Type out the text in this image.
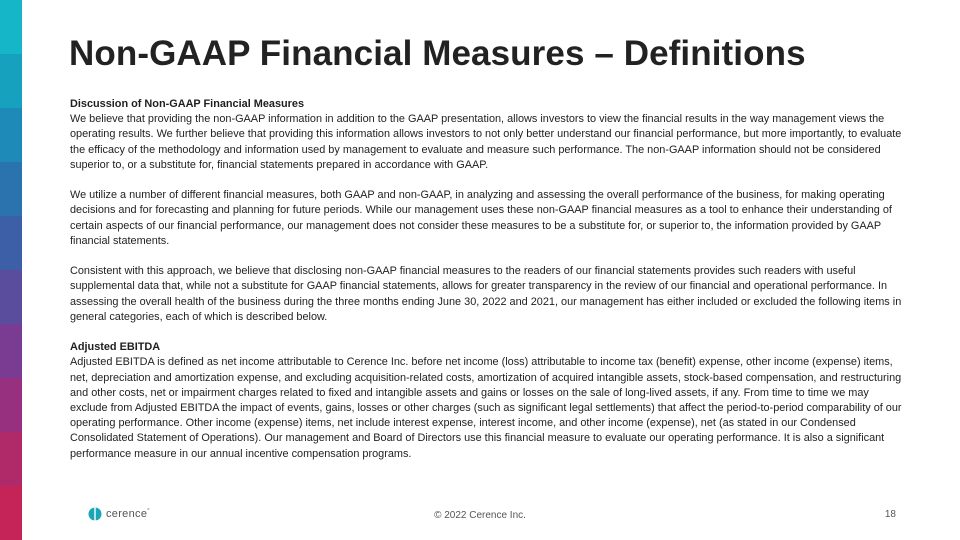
Non-GAAP Financial Measures – Definitions

Discussion of Non-GAAP Financial Measures
We believe that providing the non-GAAP information in addition to the GAAP presentation, allows investors to view the financial results in the way management views the operating results. We further believe that providing this information allows investors to not only better understand our financial performance, but more importantly, to evaluate the efficacy of the methodology and information used by management to evaluate and measure such performance. The non-GAAP information should not be considered superior to, or a substitute for, financial statements prepared in accordance with GAAP.

We utilize a number of different financial measures, both GAAP and non-GAAP, in analyzing and assessing the overall performance of the business, for making operating decisions and for forecasting and planning for future periods. While our management uses these non-GAAP financial measures as a tool to enhance their understanding of certain aspects of our financial performance, our management does not consider these measures to be a substitute for, or superior to, the information provided by GAAP financial statements.

Consistent with this approach, we believe that disclosing non-GAAP financial measures to the readers of our financial statements provides such readers with useful supplemental data that, while not a substitute for GAAP financial statements, allows for greater transparency in the review of our financial and operational performance. In assessing the overall health of the business during the three months ending June 30, 2022 and 2021, our management has either included or excluded the following items in general categories, each of which is described below.

Adjusted EBITDA
Adjusted EBITDA is defined as net income attributable to Cerence Inc. before net income (loss) attributable to income tax (benefit) expense, other income (expense) items, net, depreciation and amortization expense, and excluding acquisition-related costs, amortization of acquired intangible assets, stock-based compensation, and restructuring and other costs, net or impairment charges related to fixed and intangible assets and gains or losses on the sale of long-lived assets, if any. From time to time we may exclude from Adjusted EBITDA the impact of events, gains, losses or other charges (such as significant legal settlements) that affect the period-to-period comparability of our operating performance. Other income (expense) items, net include interest expense, interest income, and other income (expense), net (as stated in our Condensed Consolidated Statement of Operations). Our management and Board of Directors use this financial measure to evaluate our operating performance. It is also a significant performance measure in our annual incentive compensation programs.

cerence°	© 2022 Cerence Inc.	18
